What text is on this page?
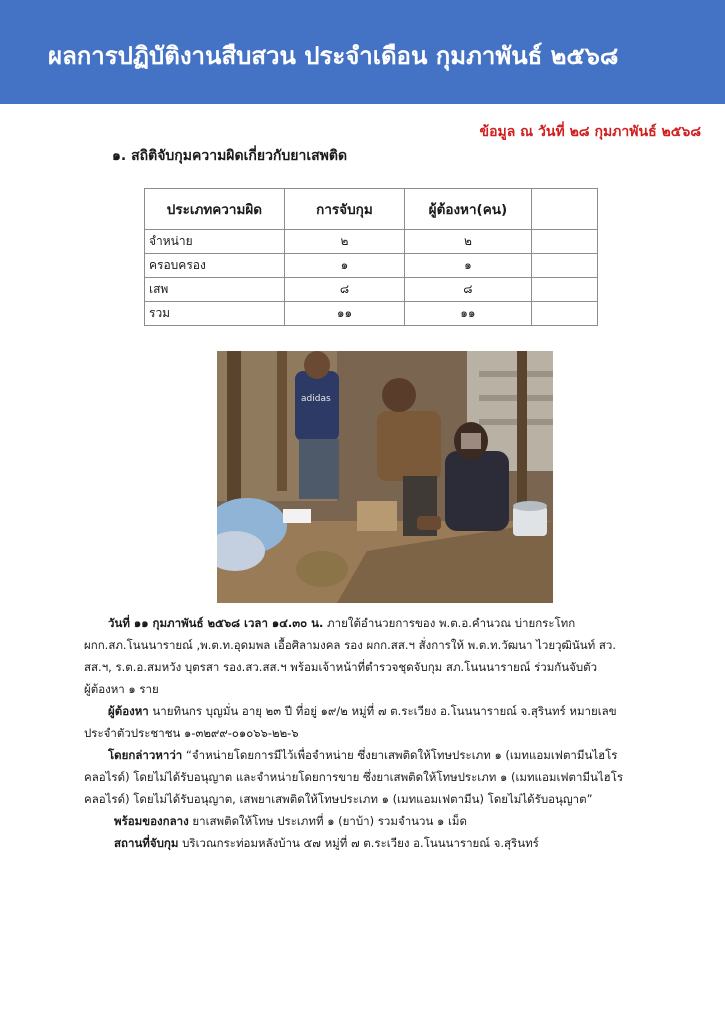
ผลการปฏิบัติงานสืบสวน ประจำเดือน กุมภาพันธ์ ๒๕๖๘
ข้อมูล ณ วันที่ ๒๘ กุมภาพันธ์ ๒๕๖๘
๑. สถิติจับกุมความผิดเกี่ยวกับยาเสพติด
ประเภทความผิด	การจับกุม	ผู้ต้องหา(คน)	
จำหน่าย	๒	๒	
ครอบครอง	๑	๑	
เสพ	๘	๘	
รวม	๑๑	๑๑	
adidas

วันที่ ๑๑ กุมภาพันธ์ ๒๕๖๘ เวลา ๑๔.๓๐ น. ภายใต้อำนวยการของ พ.ต.อ.คำนวณ บ่ายกระโทก

ผกก.สภ.โนนนารายณ์ ,พ.ต.ท.อุดมพล เอื้อศิลามงคล รอง ผกก.สส.ฯ สั่งการให้ พ.ต.ท.วัฒนา ไวยวุฒินันท์ สว.
สส.ฯ, ร.ต.อ.สมหวัง บุตรสา รอง.สว.สส.ฯ พร้อมเจ้าหน้าที่ตำรวจชุดจับกุม สภ.โนนนารายณ์ ร่วมกันจับตัว
ผู้ต้องหา ๑ ราย

ผู้ต้องหา นายทินกร บุญมั่น อายุ ๒๓ ปี ที่อยู่ ๑๙/๒ หมู่ที่ ๗ ต.ระเวียง อ.โนนนารายณ์ จ.สุรินทร์ หมายเลข

ประจำตัวประชาชน ๑-๓๒๙๙-๐๑๐๖๖-๒๒-๖

โดยกล่าวหาว่า “จำหน่ายโดยการมีไว้เพื่อจำหน่าย ซึ่งยาเสพติดให้โทษประเภท ๑ (เมทแอมเฟตามีนไฮโร

คลอไรด์) โดยไม่ได้รับอนุญาต และจำหน่ายโดยการขาย ซึ่งยาเสพติดให้โทษประเภท ๑ (เมทแอมเฟตามีนไฮโร
คลอไรด์) โดยไม่ได้รับอนุญาต, เสพยาเสพติดให้โทษประเภท ๑ (เมทแอมเฟตามีน) โดยไม่ได้รับอนุญาต”

พร้อมของกลาง ยาเสพติดให้โทษ ประเภทที่ ๑ (ยาบ้า) รวมจำนวน ๑ เม็ด

สถานที่จับกุม บริเวณกระท่อมหลังบ้าน ๕๗ หมู่ที่ ๗ ต.ระเวียง อ.โนนนารายณ์ จ.สุรินทร์
